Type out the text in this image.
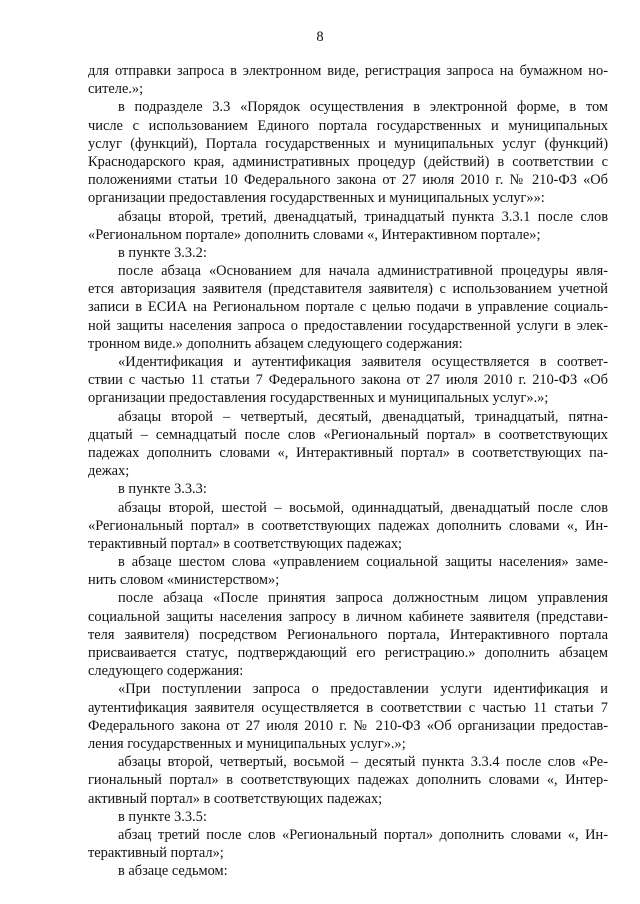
8
для отправки запроса в электронном виде, регистрация запроса на бумажном но-
сителе.»;
в подразделе 3.3 «Порядок осуществления в электронной форме, в том
числе с использованием Единого портала государственных и муниципальных
услуг (функций), Портала государственных и муниципальных услуг (функций)
Краснодарского края, административных процедур (действий) в соответствии с
положениями статьи 10 Федерального закона от 27 июля 2010 г. № 210-ФЗ «Об
организации предоставления государственных и муниципальных услуг»»:
абзацы второй, третий, двенадцатый, тринадцатый пункта 3.3.1 после слов
«Региональном портале» дополнить словами «, Интерактивном портале»;
в пункте 3.3.2:
после абзаца «Основанием для начала административной процедуры явля-
ется авторизация заявителя (представителя заявителя) с использованием учетной
записи в ЕСИА на Региональном портале с целью подачи в управление социаль-
ной защиты населения запроса о предоставлении государственной услуги в элек-
тронном виде.» дополнить абзацем следующего содержания:
«Идентификация и аутентификация заявителя осуществляется в соответ-
ствии с частью 11 статьи 7 Федерального закона от 27 июля 2010 г. 210-ФЗ «Об
организации предоставления государственных и муниципальных услуг».»;
абзацы второй – четвертый, десятый, двенадцатый, тринадцатый, пятна-
дцатый – семнадцатый после слов «Региональный портал» в соответствующих
падежах дополнить словами «, Интерактивный портал» в соответствующих па-
дежах;
в пункте 3.3.3:
абзацы второй, шестой – восьмой, одиннадцатый, двенадцатый после слов
«Региональный портал» в соответствующих падежах дополнить словами «, Ин-
терактивный портал» в соответствующих падежах;
в абзаце шестом слова «управлением социальной защиты населения» заме-
нить словом «министерством»;
после абзаца «После принятия запроса должностным лицом управления
социальной защиты населения запросу в личном кабинете заявителя (представи-
теля заявителя) посредством Регионального портала, Интерактивного портала
присваивается статус, подтверждающий его регистрацию.» дополнить абзацем
следующего содержания:
«При поступлении запроса о предоставлении услуги идентификация и
аутентификация заявителя осуществляется в соответствии с частью 11 статьи 7
Федерального закона от 27 июля 2010 г. № 210-ФЗ «Об организации предостав-
ления государственных и муниципальных услуг».»;
абзацы второй, четвертый, восьмой – десятый пункта 3.3.4 после слов «Ре-
гиональный портал» в соответствующих падежах дополнить словами «, Интер-
активный портал» в соответствующих падежах;
в пункте 3.3.5:
абзац третий после слов «Региональный портал» дополнить словами «, Ин-
терактивный портал»;
в абзаце седьмом:
